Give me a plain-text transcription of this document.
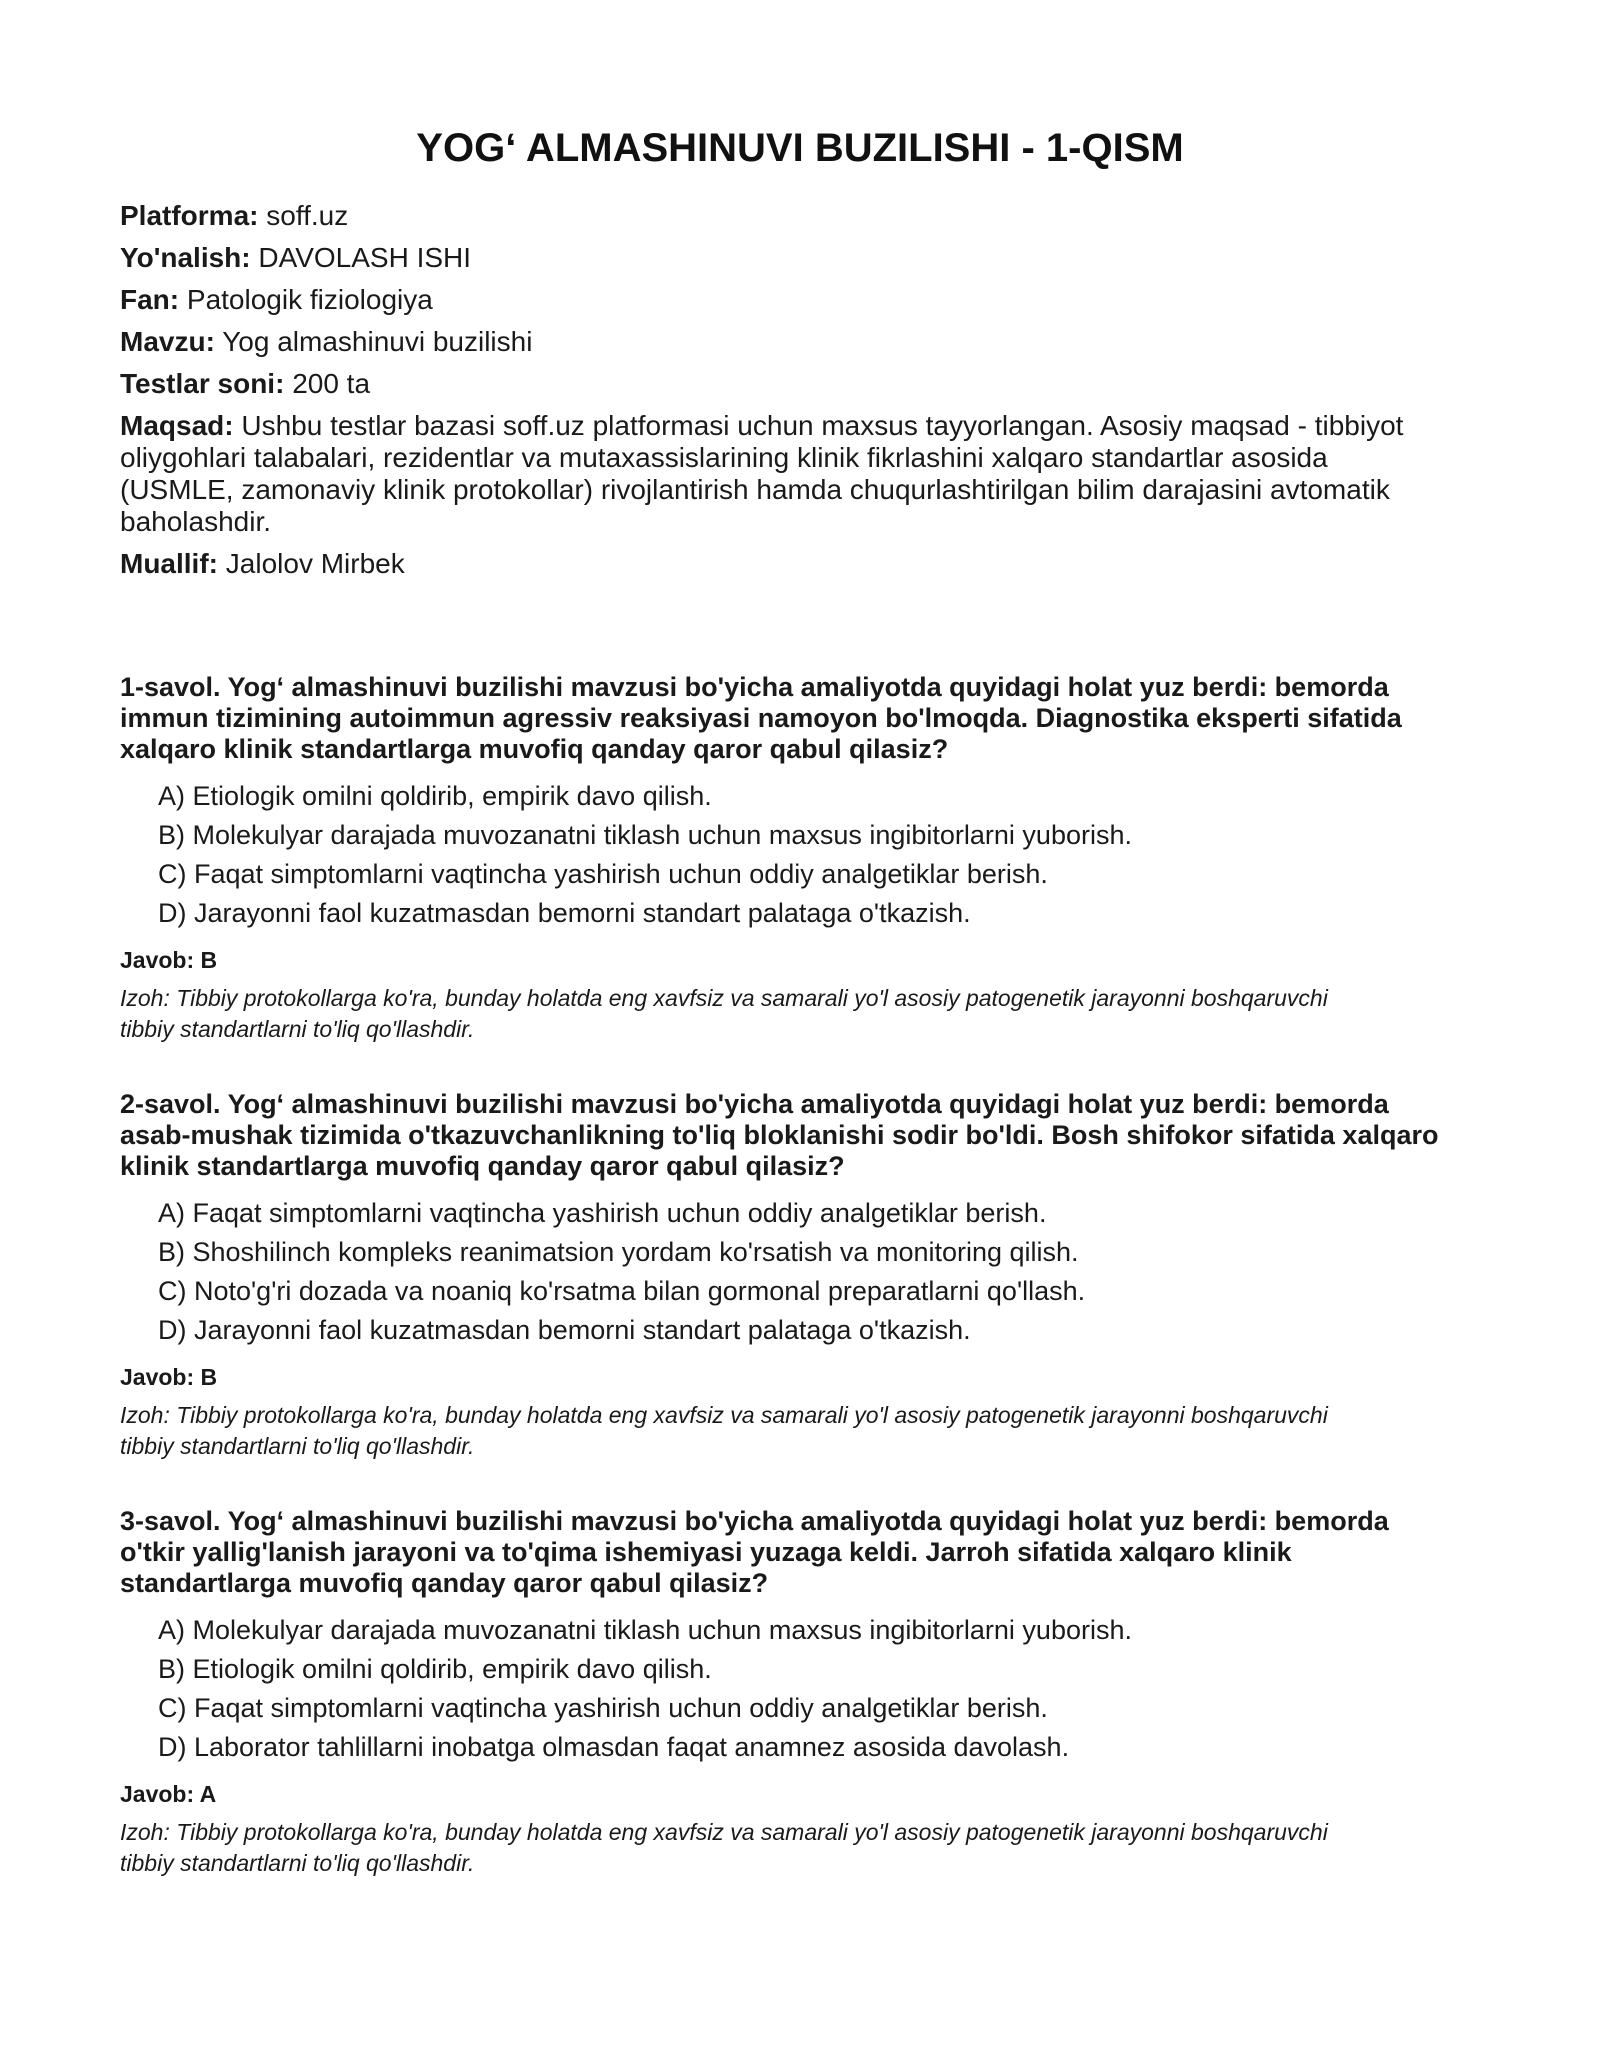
YOG‘ ALMASHINUVI BUZILISHI - 1-QISM
Platforma: soff.uz
Yo'nalish: DAVOLASH ISHI
Fan: Patologik fiziologiya
Mavzu: Yog almashinuvi buzilishi
Testlar soni: 200 ta
Maqsad: Ushbu testlar bazasi soff.uz platformasi uchun maxsus tayyorlangan. Asosiy maqsad - tibbiyot oliygohlari talabalari, rezidentlar va mutaxassislarining klinik fikrlashini xalqaro standartlar asosida (USMLE, zamonaviy klinik protokollar) rivojlantirish hamda chuqurlashtirilgan bilim darajasini avtomatik baholashdir.
Muallif: Jalolov Mirbek

1-savol. Yog‘ almashinuvi buzilishi mavzusi bo'yicha amaliyotda quyidagi holat yuz berdi: bemorda immun tizimining autoimmun agressiv reaksiyasi namoyon bo'lmoqda. Diagnostika eksperti sifatida xalqaro klinik standartlarga muvofiq qanday qaror qabul qilasiz?

A) Etiologik omilni qoldirib, empirik davo qilish.
B) Molekulyar darajada muvozanatni tiklash uchun maxsus ingibitorlarni yuborish.
C) Faqat simptomlarni vaqtincha yashirish uchun oddiy analgetiklar berish.
D) Jarayonni faol kuzatmasdan bemorni standart palataga o'tkazish.

Javob: B

Izoh: Tibbiy protokollarga ko'ra, bunday holatda eng xavfsiz va samarali yo'l asosiy patogenetik jarayonni boshqaruvchi tibbiy standartlarni to'liq qo'llashdir.

2-savol. Yog‘ almashinuvi buzilishi mavzusi bo'yicha amaliyotda quyidagi holat yuz berdi: bemorda asab-mushak tizimida o'tkazuvchanlikning to'liq bloklanishi sodir bo'ldi. Bosh shifokor sifatida xalqaro klinik standartlarga muvofiq qanday qaror qabul qilasiz?

A) Faqat simptomlarni vaqtincha yashirish uchun oddiy analgetiklar berish.
B) Shoshilinch kompleks reanimatsion yordam ko'rsatish va monitoring qilish.
C) Noto'g'ri dozada va noaniq ko'rsatma bilan gormonal preparatlarni qo'llash.
D) Jarayonni faol kuzatmasdan bemorni standart palataga o'tkazish.

Javob: B

Izoh: Tibbiy protokollarga ko'ra, bunday holatda eng xavfsiz va samarali yo'l asosiy patogenetik jarayonni boshqaruvchi tibbiy standartlarni to'liq qo'llashdir.

3-savol. Yog‘ almashinuvi buzilishi mavzusi bo'yicha amaliyotda quyidagi holat yuz berdi: bemorda o'tkir yallig'lanish jarayoni va to'qima ishemiyasi yuzaga keldi. Jarroh sifatida xalqaro klinik standartlarga muvofiq qanday qaror qabul qilasiz?

A) Molekulyar darajada muvozanatni tiklash uchun maxsus ingibitorlarni yuborish.
B) Etiologik omilni qoldirib, empirik davo qilish.
C) Faqat simptomlarni vaqtincha yashirish uchun oddiy analgetiklar berish.
D) Laborator tahlillarni inobatga olmasdan faqat anamnez asosida davolash.

Javob: A

Izoh: Tibbiy protokollarga ko'ra, bunday holatda eng xavfsiz va samarali yo'l asosiy patogenetik jarayonni boshqaruvchi tibbiy standartlarni to'liq qo'llashdir.
